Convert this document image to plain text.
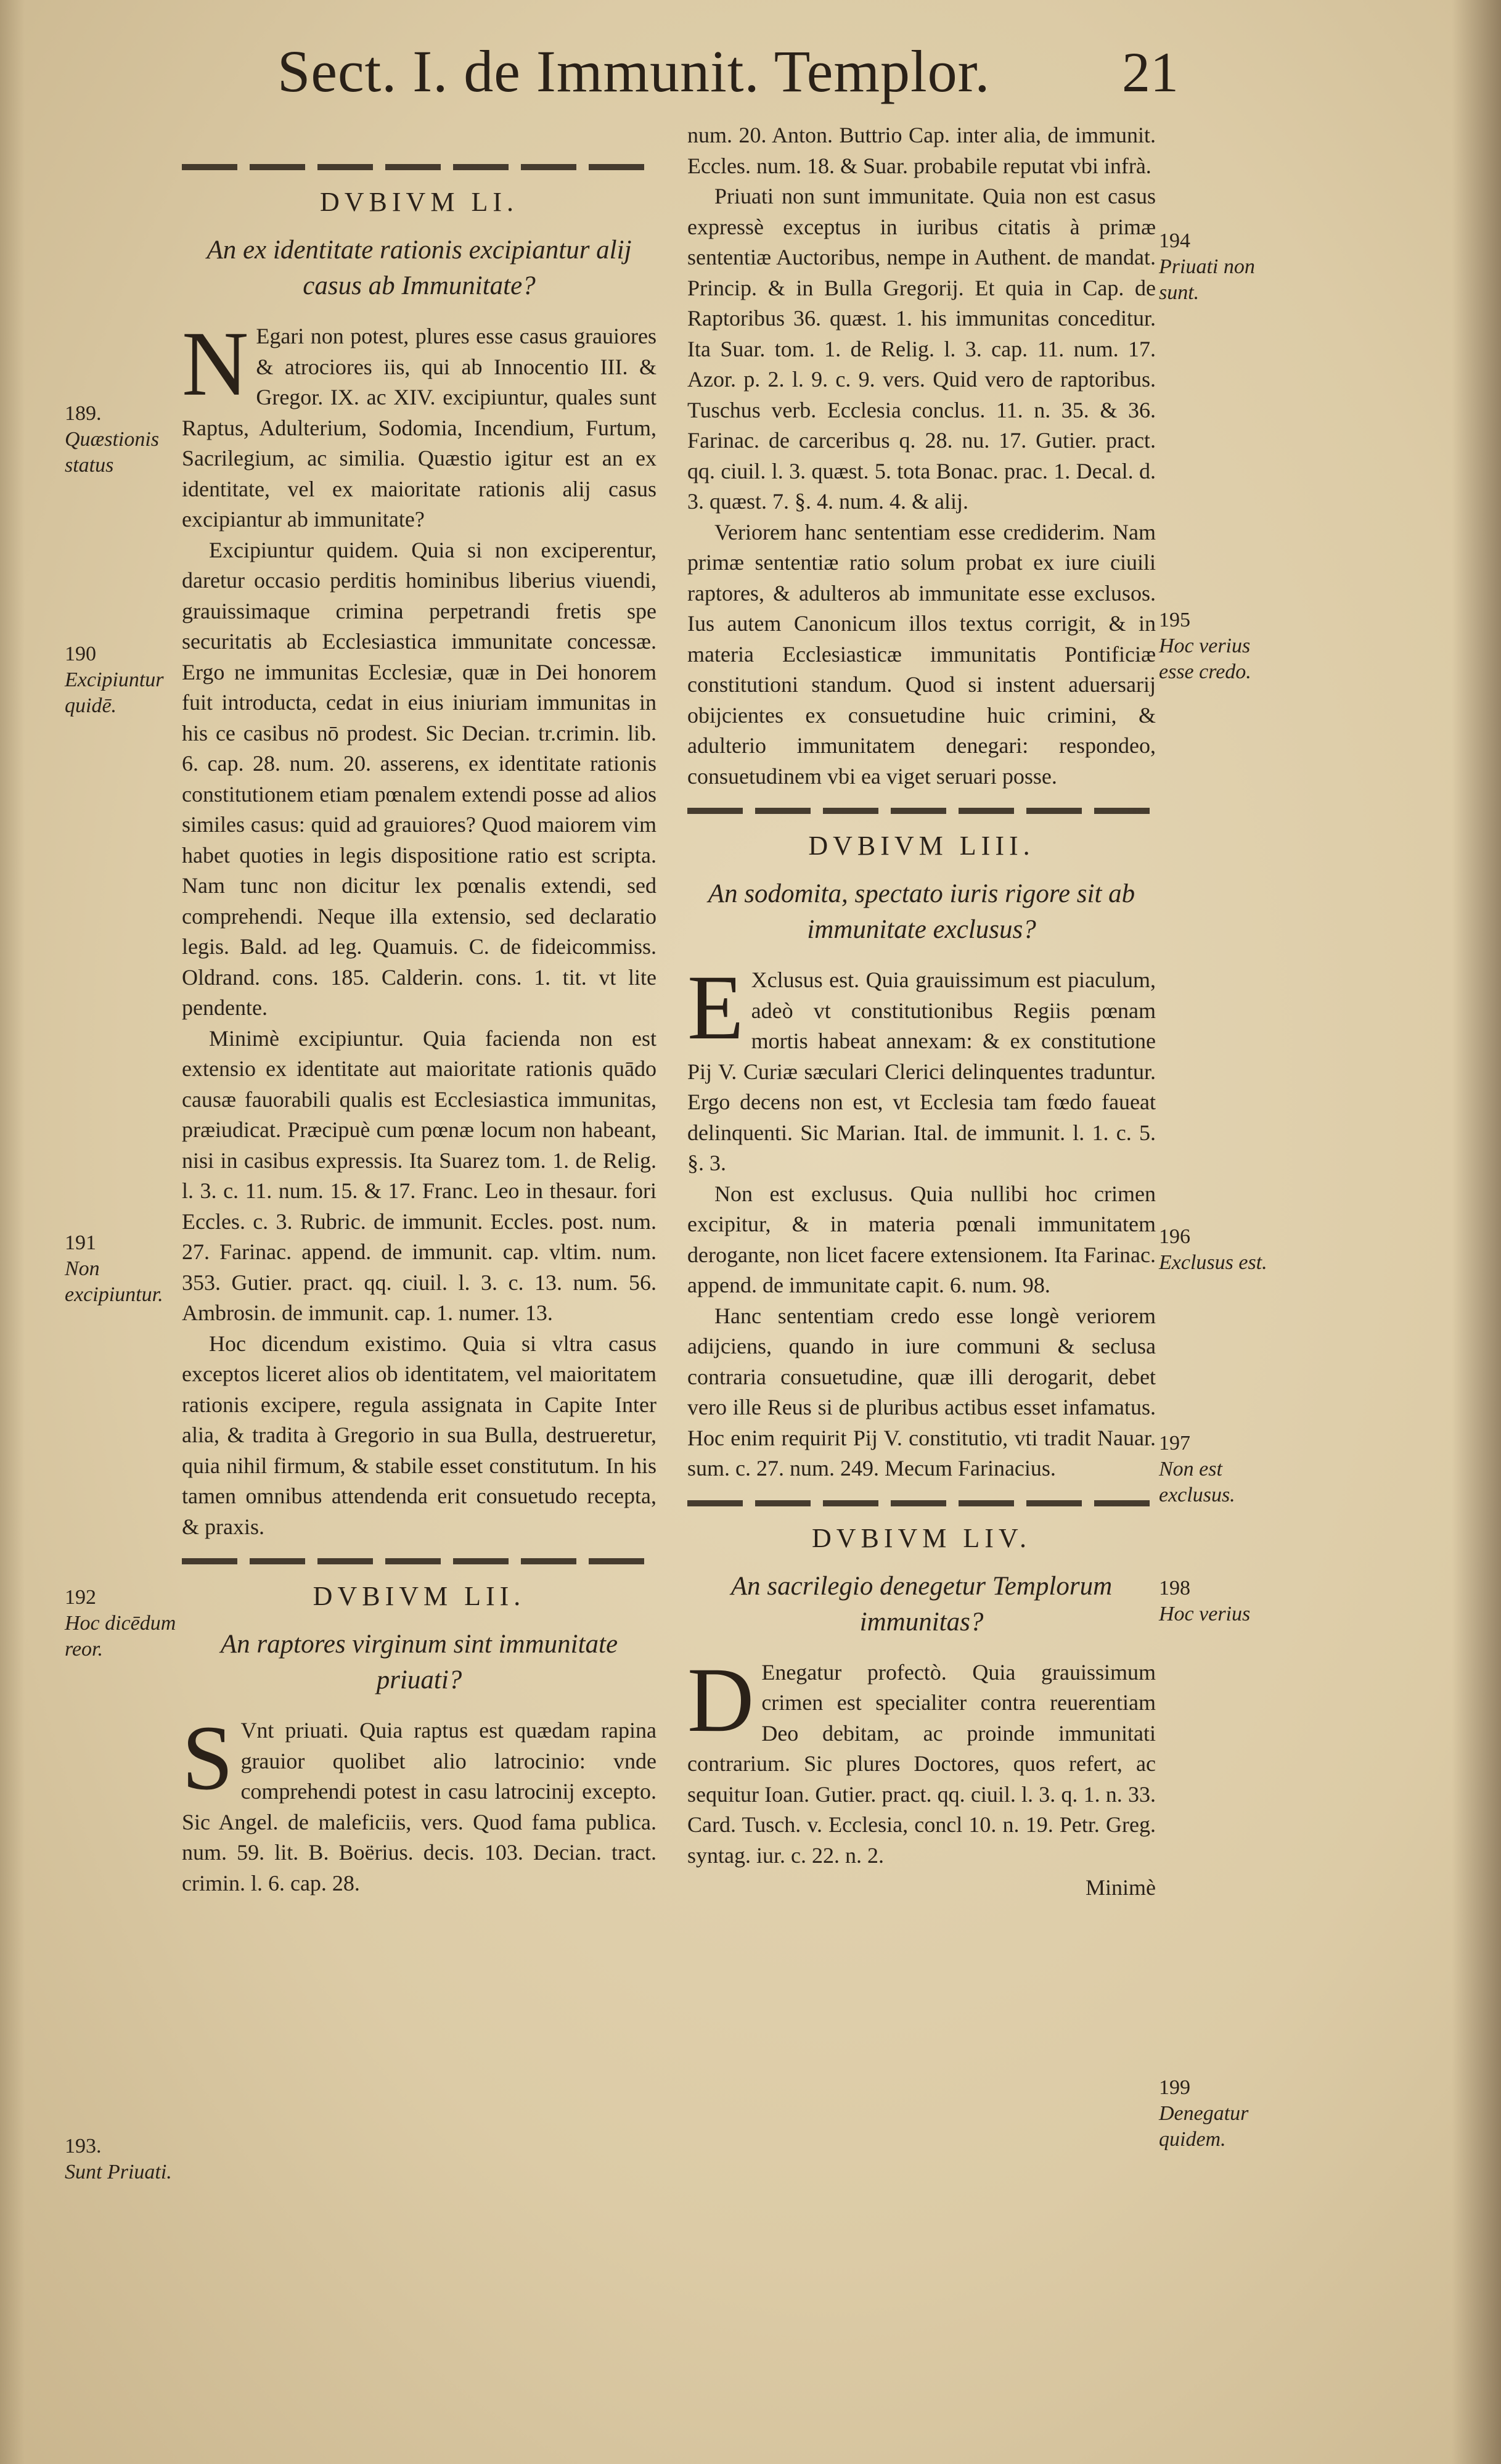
Sect. I. de Immunit. Templor. 21
DVBIVM LI.
An ex identitate rationis excipiantur alij casus ab Immunitate?

N Egari non potest, plures esse casus grauiores & atrociores iis, qui ab Innocentio III. & Gregor. IX. ac XIV. excipiuntur, quales sunt Raptus, Adulterium, Sodomia, Incendium, Furtum, Sacrilegium, ac similia. Quæstio igitur est an ex identitate, vel ex maioritate rationis alij casus excipiantur ab immunitate?

Excipiuntur quidem. Quia si non exciperentur, daretur occasio perditis hominibus liberius viuendi, grauissimaque crimina perpetrandi fretis spe securitatis ab Ecclesiastica immunitate concessæ. Ergo ne immunitas Ecclesiæ, quæ in Dei honorem fuit introducta, cedat in eius iniuriam immunitas in his ce casibus nō prodest. Sic Decian. tr.crimin. lib. 6. cap. 28. num. 20. asserens, ex identitate rationis constitutionem etiam pœnalem extendi posse ad alios similes casus: quid ad grauiores? Quod maiorem vim habet quoties in legis dispositione ratio est scripta. Nam tunc non dicitur lex pœnalis extendi, sed comprehendi. Neque illa extensio, sed declaratio legis. Bald. ad leg. Quamuis. C. de fideicommiss. Oldrand. cons. 185. Calderin. cons. 1. tit. vt lite pendente.

Minimè excipiuntur. Quia facienda non est extensio ex identitate aut maioritate rationis quādo causæ fauorabili qualis est Ecclesiastica immunitas, præiudicat. Præcipuè cum pœnæ locum non habeant, nisi in casibus expressis. Ita Suarez tom. 1. de Relig. l. 3. c. 11. num. 15. & 17. Franc. Leo in thesaur. fori Eccles. c. 3. Rubric. de immunit. Eccles. post. num. 27. Farinac. append. de immunit. cap. vltim. num. 353. Gutier. pract. qq. ciuil. l. 3. c. 13. num. 56. Ambrosin. de immunit. cap. 1. numer. 13.

Hoc dicendum existimo. Quia si vltra casus exceptos liceret alios ob identitatem, vel maioritatem rationis excipere, regula assignata in Capite Inter alia, & tradita à Gregorio in sua Bulla, destrueretur, quia nihil firmum, & stabile esset constitutum. In his tamen omnibus attendenda erit consuetudo recepta, & praxis.

DVBIVM LII.
An raptores virginum sint immunitate priuati?

S Vnt priuati. Quia raptus est quædam rapina grauior quolibet alio latrocinio: vnde comprehendi potest in casu latrocinij excepto. Sic Angel. de maleficiis, vers. Quod fama publica. num. 59. lit. B. Boërius. decis. 103. Decian. tract. crimin. l. 6. cap. 28.

num. 20. Anton. Buttrio Cap. inter alia, de immunit. Eccles. num. 18. & Suar. probabile reputat vbi infrà.

Priuati non sunt immunitate. Quia non est casus expressè exceptus in iuribus citatis à primæ sententiæ Auctoribus, nempe in Authent. de mandat. Princip. & in Bulla Gregorij. Et quia in Cap. de Raptoribus 36. quæst. 1. his immunitas conceditur. Ita Suar. tom. 1. de Relig. l. 3. cap. 11. num. 17. Azor. p. 2. l. 9. c. 9. vers. Quid vero de raptoribus. Tuschus verb. Ecclesia conclus. 11. n. 35. & 36. Farinac. de carceribus q. 28. nu. 17. Gutier. pract. qq. ciuil. l. 3. quæst. 5. tota Bonac. prac. 1. Decal. d. 3. quæst. 7. §. 4. num. 4. & alij.

Veriorem hanc sententiam esse crediderim. Nam primæ sententiæ ratio solum probat ex iure ciuili raptores, & adulteros ab immunitate esse exclusos. Ius autem Canonicum illos textus corrigit, & in materia Ecclesiasticæ immunitatis Pontificiæ constitutioni standum. Quod si instent aduersarij obijcientes ex consuetudine huic crimini, & adulterio immunitatem denegari: respondeo, consuetudinem vbi ea viget seruari posse.

DVBIVM LIII.
An sodomita, spectato iuris rigore sit ab immunitate exclusus?

E Xclusus est. Quia grauissimum est piaculum, adeò vt constitutionibus Regiis pœnam mortis habeat annexam: & ex constitutione Pij V. Curiæ sæculari Clerici delinquentes traduntur. Ergo decens non est, vt Ecclesia tam fœdo faueat delinquenti. Sic Marian. Ital. de immunit. l. 1. c. 5. §. 3.

Non est exclusus. Quia nullibi hoc crimen excipitur, & in materia pœnali immunitatem derogante, non licet facere extensionem. Ita Farinac. append. de immunitate capit. 6. num. 98.

Hanc sententiam credo esse longè veriorem adijciens, quando in iure communi & seclusa contraria consuetudine, quæ illi derogarit, debet vero ille Reus si de pluribus actibus esset infamatus. Hoc enim requirit Pij V. constitutio, vti tradit Nauar. sum. c. 27. num. 249. Mecum Farinacius.

DVBIVM LIV.
An sacrilegio denegetur Templorum immunitas?

D Enegatur profectò. Quia grauissimum crimen est specialiter contra reuerentiam Deo debitam, ac proinde immunitati contrarium. Sic plures Doctores, quos refert, ac sequitur Ioan. Gutier. pract. qq. ciuil. l. 3. q. 1. n. 33. Card. Tusch. v. Ecclesia, concl 10. n. 19. Petr. Greg. syntag. iur. c. 22. n. 2.

Minimè
189.
Quæstionis status
190
Excipiuntur quidē.
191
Non excipiuntur.
192
Hoc dicēdum reor.
193.
Sunt Priuati.
194
Priuati non sunt.
195
Hoc verius esse credo.
196
Exclusus est.
197
Non est exclusus.
198
Hoc verius
199
Denegatur quidem.
